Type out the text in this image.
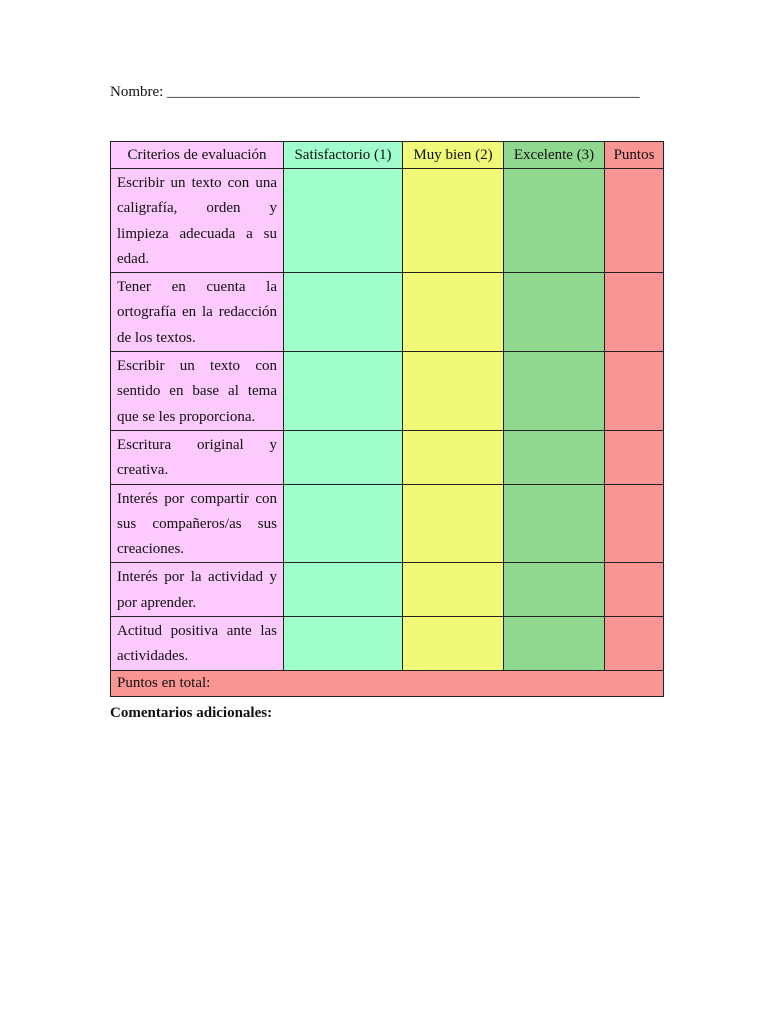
Nombre: _______________________________________________________________
Criterios de evaluación	Satisfactorio (1)	Muy bien (2)	Excelente (3)	Puntos
Escribir un texto con una caligrafía, orden y limpieza adecuada a su edad.				
Tener en cuenta la ortografía en la redacción de los textos.				
Escribir un texto con sentido en base al tema que se les proporciona.				
Escritura original y creativa.				
Interés por compartir con sus compañeros/as sus creaciones.				
Interés por la actividad y por aprender.				
Actitud positiva ante las actividades.				
Puntos en total:				
Comentarios adicionales:
